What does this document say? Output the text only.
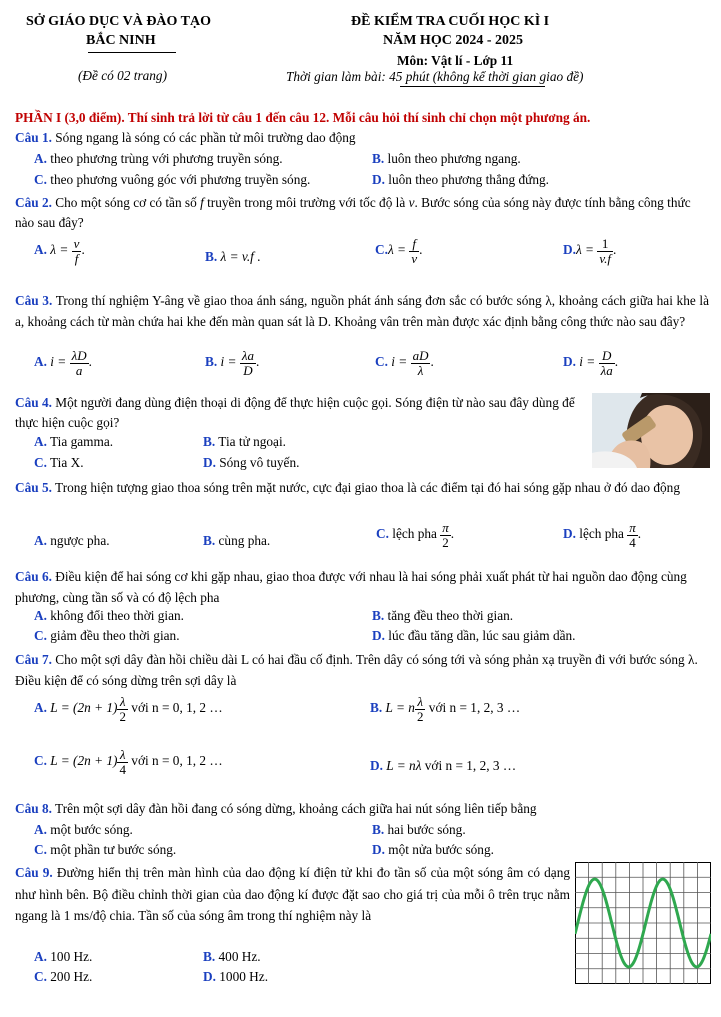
SỞ GIÁO DỤC VÀ ĐÀO TẠO
BẮC NINH
(Đề có 02 trang)
ĐỀ KIỂM TRA CUỐI HỌC KÌ I
NĂM HỌC 2024 - 2025
Môn: Vật lí - Lớp 11
Thời gian làm bài: 45 phút (không kể thời gian giao đề)
PHẦN I (3,0 điểm). Thí sinh trả lời từ câu 1 đến câu 12. Mỗi câu hỏi thí sinh chỉ chọn một phương án.
Câu 1. Sóng ngang là sóng có các phần tử môi trường dao động
A. theo phương trùng với phương truyền sóng.	B. luôn theo phương ngang.
C. theo phương vuông góc với phương truyền sóng.	D. luôn theo phương thẳng đứng.
Câu 2. Cho một sóng cơ có tần số f truyền trong môi trường với tốc độ là v. Bước sóng của sóng này được tính bằng công thức nào sau đây?
A. $\lambda = \frac{v}{f}$ .	B. λ = v.f .	$C.\lambda = \frac{f}{v}$ .	$D.\lambda = \frac{1}{v.f}$ .
Câu 3. Trong thí nghiệm Y-âng về giao thoa ánh sáng, nguồn phát ánh sáng đơn sắc có bước sóng λ, khoảng cách giữa hai khe là a, khoảng cách từ màn chứa hai khe đến màn quan sát là D. Khoảng vân trên màn được xác định bằng công thức nào sau đây?
A. $i = \frac{\lambda D}{a}$ .	B. $i = \frac{\lambda a}{D}$ .	C. $i = \frac{aD}{\lambda}$ .	D. $i = \frac{D}{\lambda a}$ .
Câu 4. Một người đang dùng điện thoại di động để thực hiện cuộc gọi. Sóng điện từ nào sau đây dùng để thực hiện cuộc gọi?
A. Tia gamma.	B. Tia tử ngoại.
C. Tia X.	D. Sóng vô tuyến.
Câu 5. Trong hiện tượng giao thoa sóng trên mặt nước, cực đại giao thoa là các điểm tại đó hai sóng gặp nhau ở đó dao động
A. ngược pha.	B. cùng pha.	C. lệch pha $\frac{\pi}{2}$ .	D. lệch pha $\frac{\pi}{4}$ .
Câu 6. Điều kiện để hai sóng cơ khi gặp nhau, giao thoa được với nhau là hai sóng phải xuất phát từ hai nguồn dao động cùng phương, cùng tần số và có độ lệch pha
A. không đổi theo thời gian.	B. tăng đều theo thời gian.
C. giảm đều theo thời gian.	D. lúc đầu tăng dần, lúc sau giảm dần.
Câu 7. Cho một sợi dây đàn hồi chiều dài L có hai đầu cố định. Trên dây có sóng tới và sóng phản xạ truyền đi với bước sóng λ. Điều kiện để có sóng dừng trên sợi dây là
A. $L = (2n + 1) \frac{\lambda}{2}$ với n = 0, 1, 2 …	B. L = n $\frac{\lambda}{2}$ với n = 1, 2, 3 …
C. $L = (2n + 1) \frac{\lambda}{4}$ với n = 0, 1, 2 …	D. L = nλ với n = 1, 2, 3 …
Câu 8. Trên một sợi dây đàn hồi đang có sóng dừng, khoảng cách giữa hai nút sóng liên tiếp bằng
A. một bước sóng.	B. hai bước sóng.
C. một phần tư bước sóng.	D. một nửa bước sóng.
Câu 9. Đường hiển thị trên màn hình của dao động kí điện tử khi đo tần số của một sóng âm có dạng như hình bên. Bộ điều chỉnh thời gian của dao động kí được đặt sao cho giá trị của mỗi ô trên trục nằm ngang là 1 ms/độ chia. Tần số của sóng âm trong thí nghiệm này là
A. 100 Hz.	B. 400 Hz.
C. 200 Hz.	D. 1000 Hz.
